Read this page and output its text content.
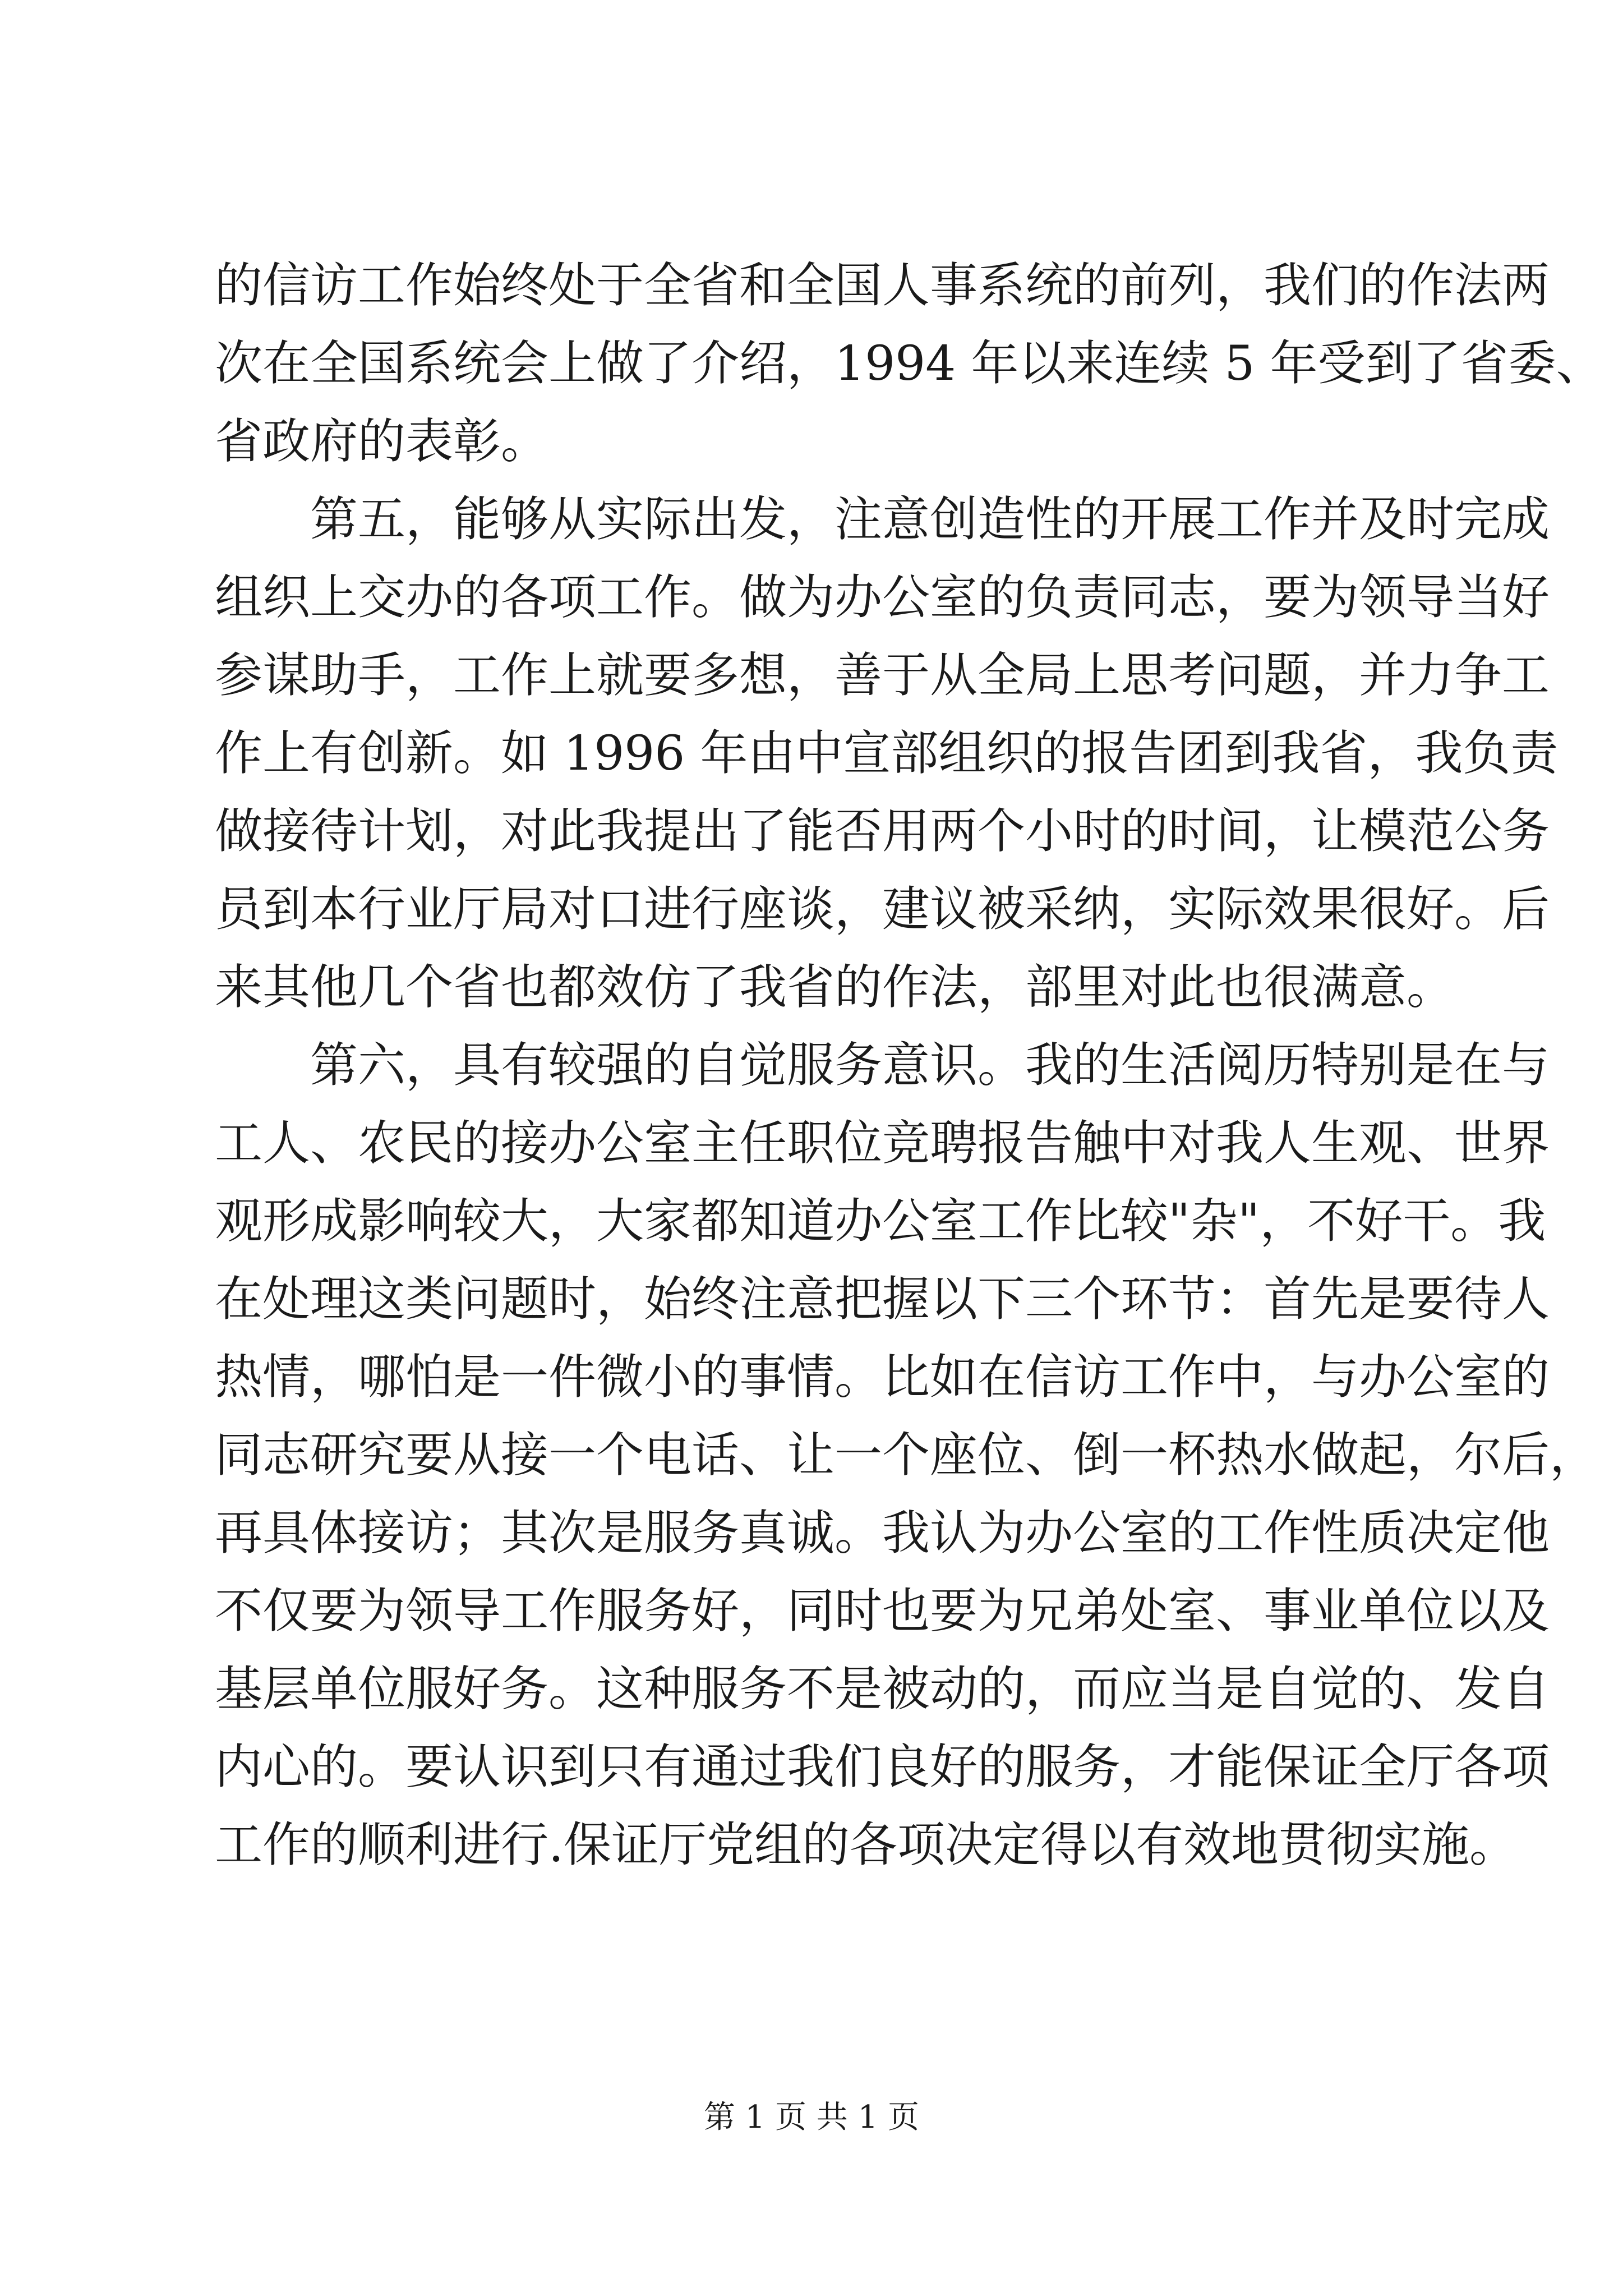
的信访工作始终处于全省和全国人事系统的前列，我们的作法两
次在全国系统会上做了介绍，1994 年以来连续 5 年受到了省委、
省政府的表彰。
第五，能够从实际出发，注意创造性的开展工作并及时完成
组织上交办的各项工作。做为办公室的负责同志，要为领导当好
参谋助手，工作上就要多想，善于从全局上思考问题，并力争工
作上有创新。如 1996 年由中宣部组织的报告团到我省，我负责
做接待计划，对此我提出了能否用两个小时的时间，让模范公务
员到本行业厅局对口进行座谈，建议被采纳，实际效果很好。后
来其他几个省也都效仿了我省的作法，部里对此也很满意。
第六，具有较强的自觉服务意识。我的生活阅历特别是在与
工人、农民的接办公室主任职位竞聘报告触中对我人生观、世界
观形成影响较大，大家都知道办公室工作比较"杂"，不好干。我
在处理这类问题时，始终注意把握以下三个环节：首先是要待人
热情，哪怕是一件微小的事情。比如在信访工作中，与办公室的
同志研究要从接一个电话、让一个座位、倒一杯热水做起，尔后，
再具体接访；其次是服务真诚。我认为办公室的工作性质决定他
不仅要为领导工作服务好，同时也要为兄弟处室、事业单位以及
基层单位服好务。这种服务不是被动的，而应当是自觉的、发自
内心的。要认识到只有通过我们良好的服务，才能保证全厅各项
工作的顺利进行.保证厅党组的各项决定得以有效地贯彻实施。
第 1 页 共 1 页
